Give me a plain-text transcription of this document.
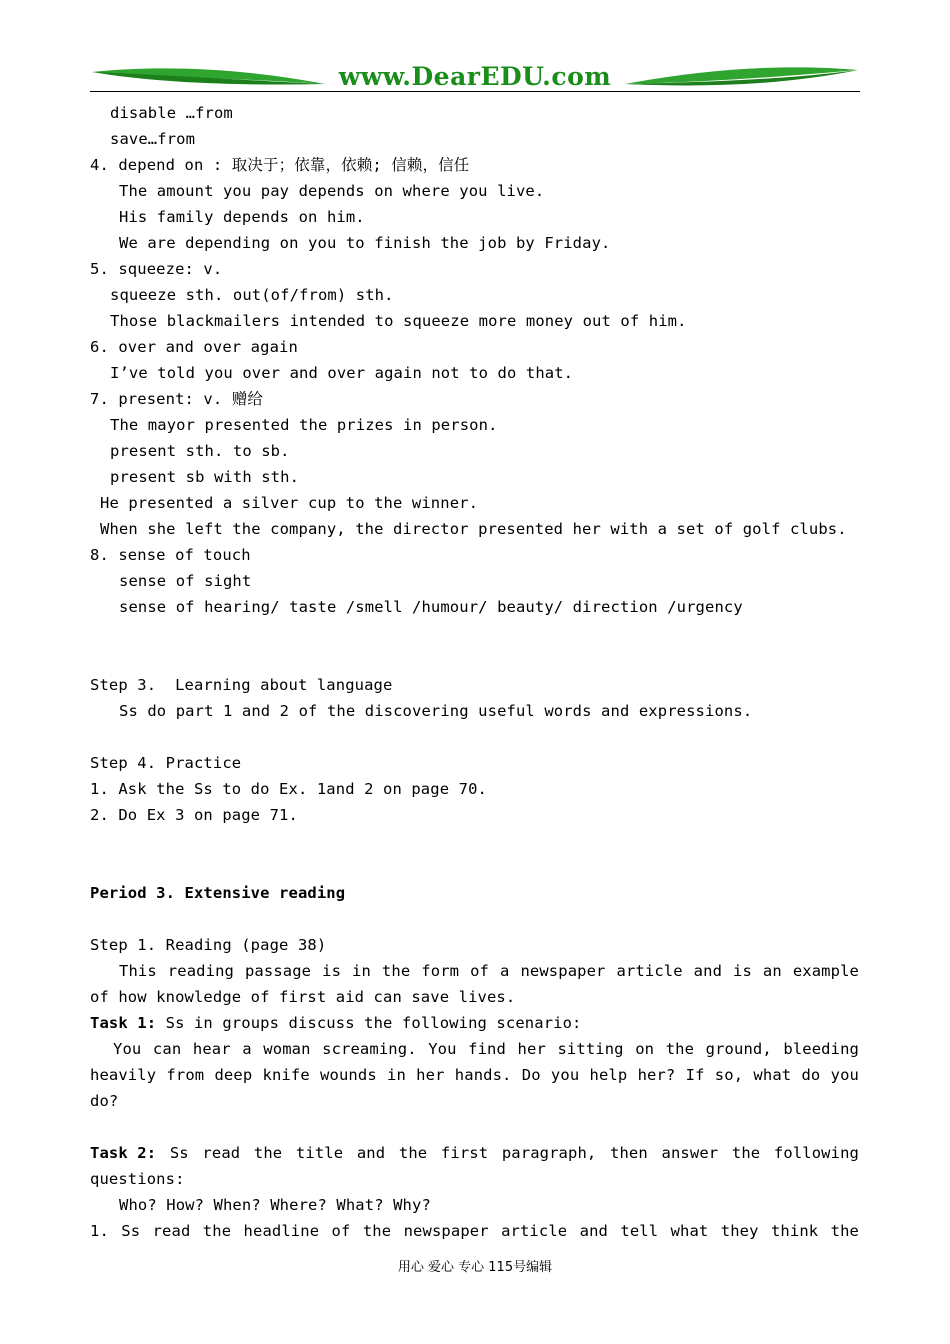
www.DearEDU.com
disable …from
save…from
4. depend on : 取决于；依靠，依赖; 信赖，信任
The amount you pay depends on where you live.
His family depends on him.
We are depending on you to finish the job by Friday.
5. squeeze: v.
squeeze sth. out(of/from) sth.
Those blackmailers intended to squeeze more money out of him.
6. over and over again
I’ve told you over and over again not to do that.
7. present: v. 赠给
The mayor presented the prizes in person.
present sth. to sb.
present sb with sth.
He presented a silver cup to the winner.
When she left the company, the director presented her with a set of golf clubs.
8. sense of touch
sense of sight
sense of hearing/ taste /smell /humour/ beauty/ direction /urgency
Step 3.  Learning about language
Ss do part 1 and 2 of the discovering useful words and expressions.
Step 4. Practice
1. Ask the Ss to do Ex. 1and 2 on page 70.
2. Do Ex 3 on page 71.
Period 3. Extensive reading
Step 1. Reading (page 38)
This reading passage is in the form of a newspaper article and is an example
of how knowledge of first aid can save lives.
Task 1: Ss in groups discuss the following scenario:
You can hear a woman screaming. You find her sitting on the ground, bleeding
heavily from deep knife wounds in her hands. Do you help her? If so, what do you
do?
Task 2: Ss read the title and the first paragraph, then answer the following
questions:
Who? How? When? Where? What? Why?
1. Ss read the headline of the newspaper article and tell what they think the
用心 爱心 专心 115号编辑
